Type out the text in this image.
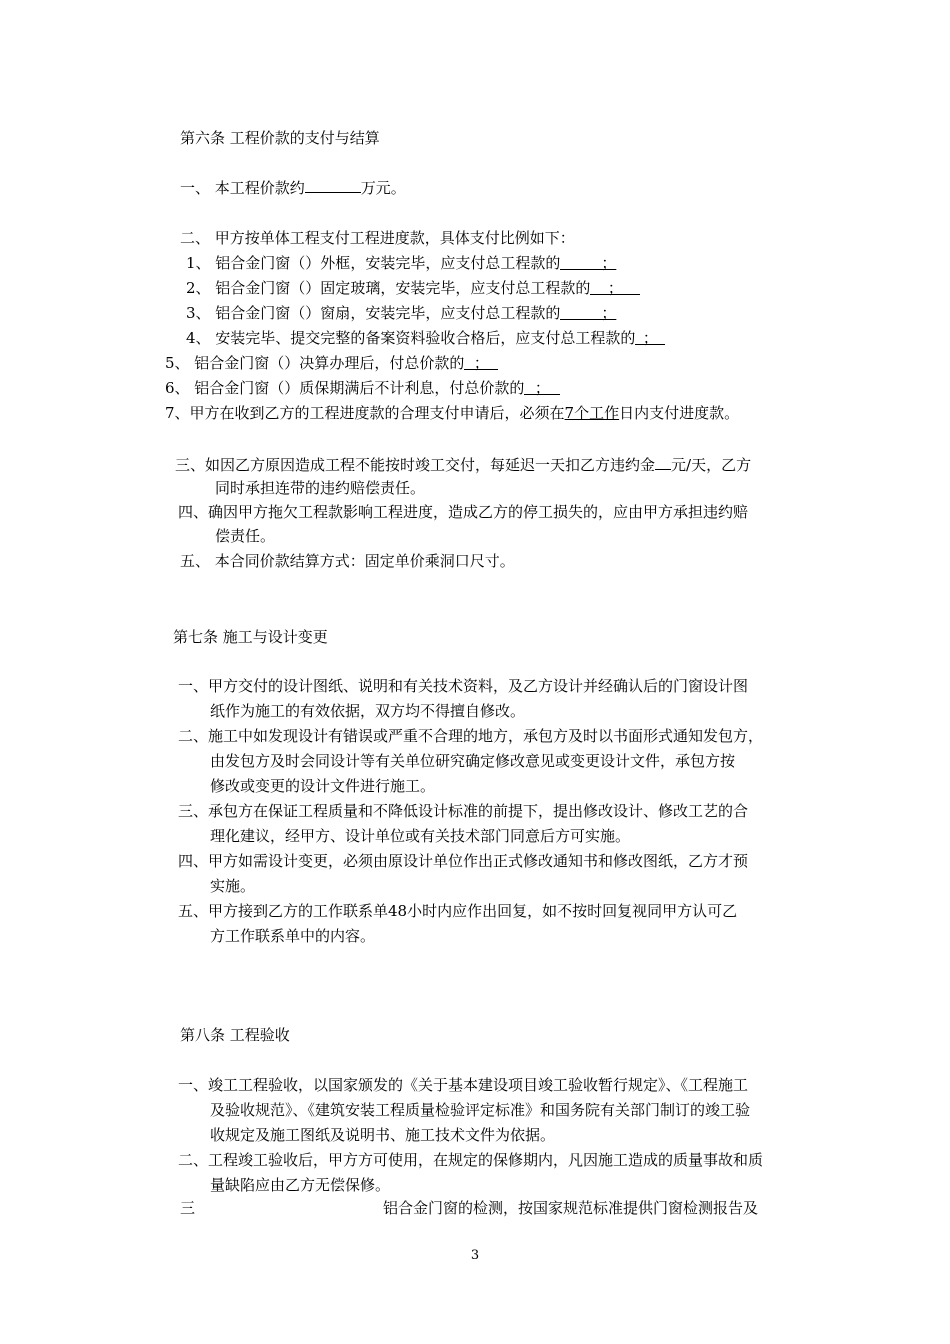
第六条 工程价款的支付与结算
一、 本工程价款约	万元。
二、 甲方按单体工程支付工程进度款，具体支付比例如下：
1、 铝合金门窗（）外框，安装完毕，应支付总工程款的	；
2、 铝合金门窗（）固定玻璃，安装完毕，应支付总工程款的 ；
3、 铝合金门窗（）窗扇，安装完毕，应支付总工程款的	；
4、 安装完毕、提交完整的备案资料验收合格后，应支付总工程款的 ；
5、 铝合金门窗（）决算办理后，付总价款的 ；
6、 铝合金门窗（）质保期满后不计利息，付总价款的 ；
7、甲方在收到乙方的工程进度款的合理支付申请后，必须在7个工作日内支付进度款。
三、如因乙方原因造成工程不能按时竣工交付，每延迟一天扣乙方违约金 元/天，乙方
同时承担连带的违约赔偿责任。
四、确因甲方拖欠工程款影响工程进度，造成乙方的停工损失的，应由甲方承担违约赔
偿责任。
五、 本合同价款结算方式：固定单价乘洞口尺寸。
第七条 施工与设计变更
一、甲方交付的设计图纸、说明和有关技术资料，及乙方设计并经确认后的门窗设计图
纸作为施工的有效依据，双方均不得擅自修改。
二、施工中如发现设计有错误或严重不合理的地方，承包方及时以书面形式通知发包方，
由发包方及时会同设计等有关单位研究确定修改意见或变更设计文件，承包方按
修改或变更的设计文件进行施工。
三、承包方在保证工程质量和不降低设计标准的前提下，提出修改设计、修改工艺的合
理化建议，经甲方、设计单位或有关技术部门同意后方可实施。
四、甲方如需设计变更，必须由原设计单位作出正式修改通知书和修改图纸，乙方才预
实施。
五、甲方接到乙方的工作联系单48小时内应作出回复，如不按时回复视同甲方认可乙
方工作联系单中的内容。
第八条 工程验收
一、竣工工程验收，以国家颁发的《关于基本建设项目竣工验收暂行规定》、《工程施工
及验收规范》、《建筑安装工程质量检验评定标准》和国务院有关部门制订的竣工验
收规定及施工图纸及说明书、施工技术文件为依据。
二、工程竣工验收后，甲方方可使用，在规定的保修期内，凡因施工造成的质量事故和质
量缺陷应由乙方无偿保修。
三	铝合金门窗的检测，按国家规范标准提供门窗检测报告及
3
